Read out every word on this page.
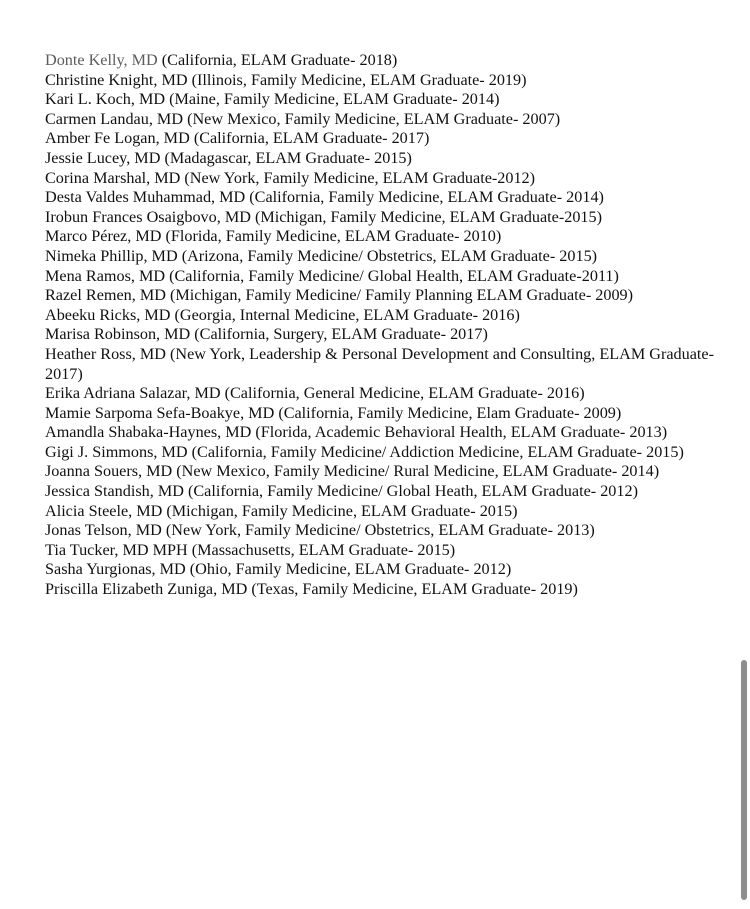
Donte Kelly, MD (California, ELAM Graduate- 2018)

Christine Knight, MD (Illinois, Family Medicine, ELAM Graduate- 2019)

Kari L. Koch, MD (Maine, Family Medicine, ELAM Graduate- 2014)

Carmen Landau, MD (New Mexico, Family Medicine, ELAM Graduate- 2007)

Amber Fe Logan, MD (California, ELAM Graduate- 2017)

Jessie Lucey, MD (Madagascar, ELAM Graduate- 2015)

Corina Marshal, MD (New York, Family Medicine, ELAM Graduate-2012)

Desta Valdes Muhammad, MD (California, Family Medicine, ELAM Graduate- 2014)

Irobun Frances Osaigbovo, MD (Michigan, Family Medicine, ELAM Graduate-2015)

Marco Pérez, MD (Florida, Family Medicine, ELAM Graduate- 2010)

Nimeka Phillip, MD (Arizona, Family Medicine/ Obstetrics, ELAM Graduate- 2015)

Mena Ramos, MD (California, Family Medicine/ Global Health, ELAM Graduate-2011)

Razel Remen, MD (Michigan, Family Medicine/ Family Planning ELAM Graduate- 2009)

Abeeku Ricks, MD (Georgia, Internal Medicine, ELAM Graduate- 2016)

Marisa Robinson, MD (California, Surgery, ELAM Graduate- 2017)

Heather Ross, MD (New York, Leadership & Personal Development and Consulting, ELAM Graduate- 2017)

Erika Adriana Salazar, MD (California, General Medicine, ELAM Graduate- 2016)

Mamie Sarpoma Sefa-Boakye, MD (California, Family Medicine, Elam Graduate- 2009)

Amandla Shabaka-Haynes, MD (Florida, Academic Behavioral Health, ELAM Graduate- 2013)

Gigi J. Simmons, MD (California, Family Medicine/ Addiction Medicine, ELAM Graduate- 2015)

Joanna Souers, MD (New Mexico, Family Medicine/ Rural Medicine, ELAM Graduate- 2014)

Jessica Standish, MD (California, Family Medicine/ Global Heath, ELAM Graduate- 2012)

Alicia Steele, MD (Michigan, Family Medicine, ELAM Graduate- 2015)

Jonas Telson, MD (New York, Family Medicine/ Obstetrics, ELAM Graduate- 2013)

Tia Tucker, MD MPH (Massachusetts, ELAM Graduate- 2015)

Sasha Yurgionas, MD (Ohio, Family Medicine, ELAM Graduate- 2012)

Priscilla Elizabeth Zuniga, MD (Texas, Family Medicine, ELAM Graduate- 2019)
